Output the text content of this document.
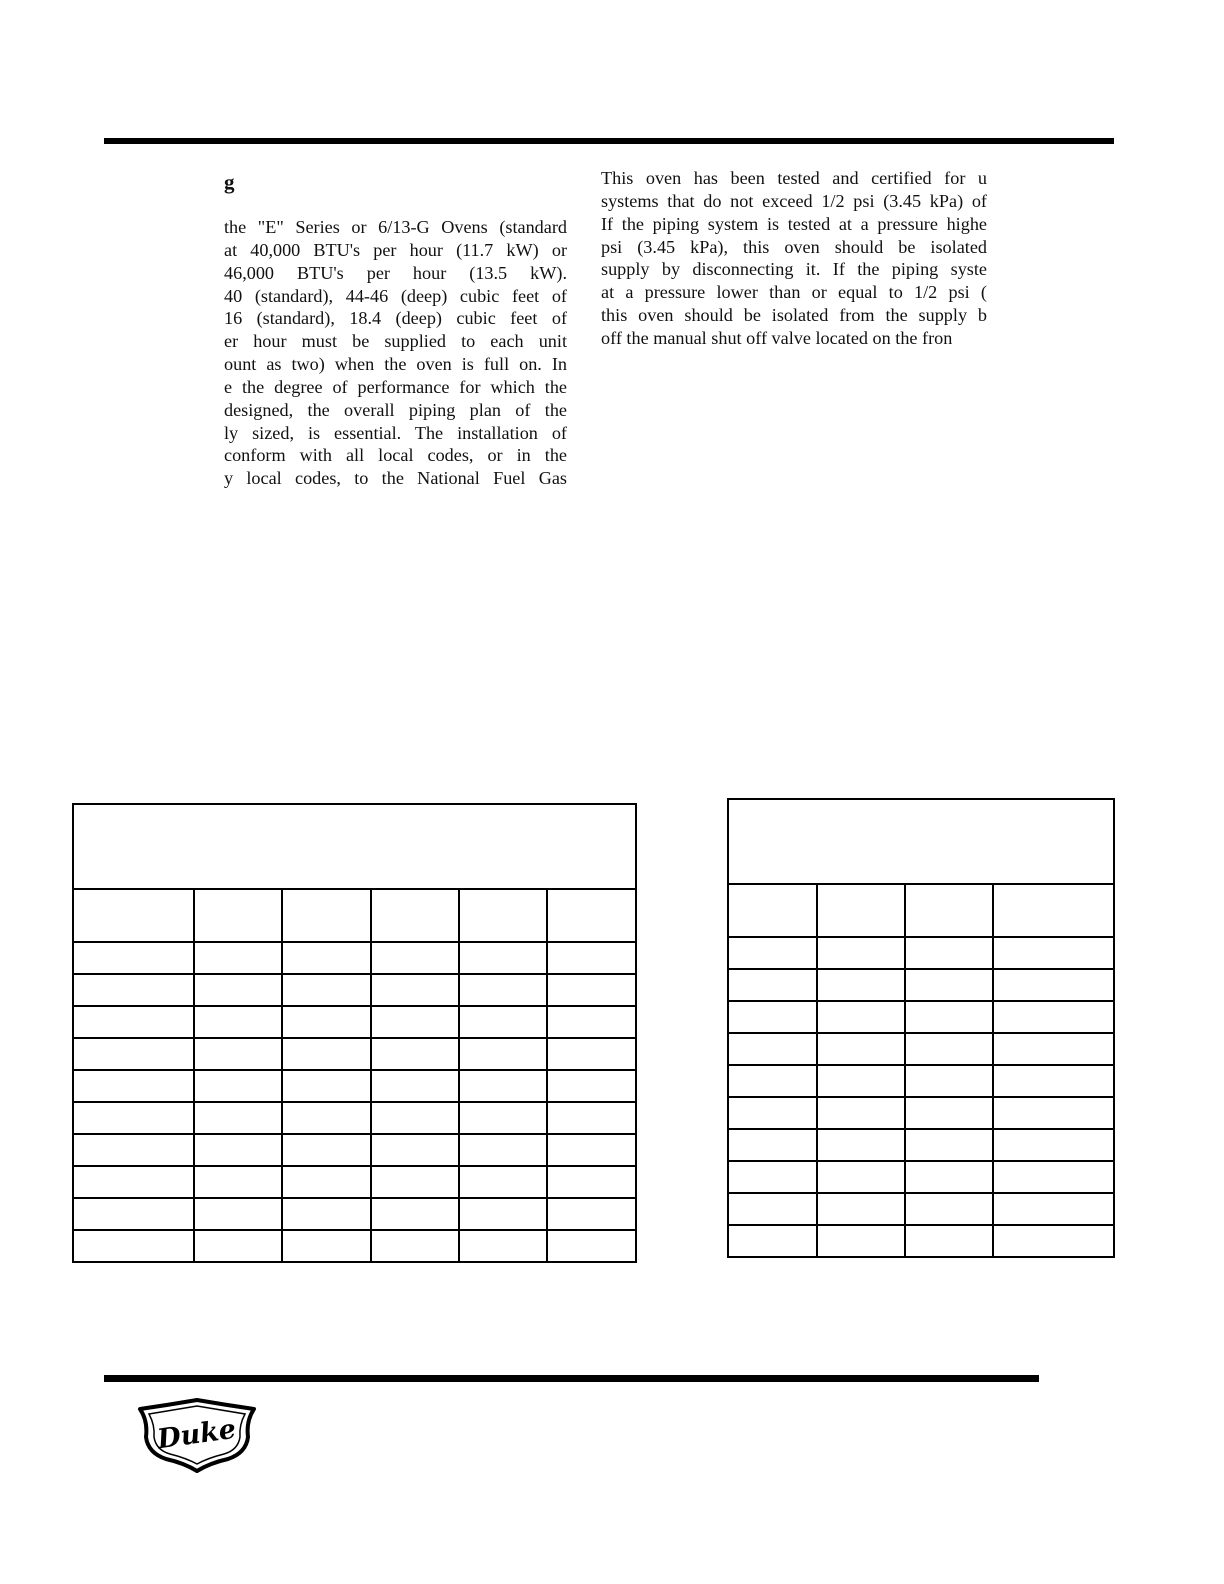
g
the "E" Series or 6/13-G Ovens (standard
at 40,000 BTU's per hour (11.7 kW) or
46,000 BTU's per hour (13.5 kW).
40 (standard), 44-46 (deep) cubic feet of
16 (standard), 18.4 (deep) cubic feet of
er hour must be supplied to each unit
ount as two) when the oven is full on. In
e the degree of performance for which the
designed, the overall piping plan of the
ly sized, is essential. The installation of
conform with all local codes, or in the
y local codes, to the National Fuel Gas
This oven has been tested and certified for u
systems that do not exceed 1/2 psi (3.45 kPa) of
If the piping system is tested at a pressure highe
psi (3.45 kPa), this oven should be isolated
supply by disconnecting it. If the piping syste
at a pressure lower than or equal to 1/2 psi (
this oven should be isolated from the supply b
off the manual shut off valve located on the fron

Duke
